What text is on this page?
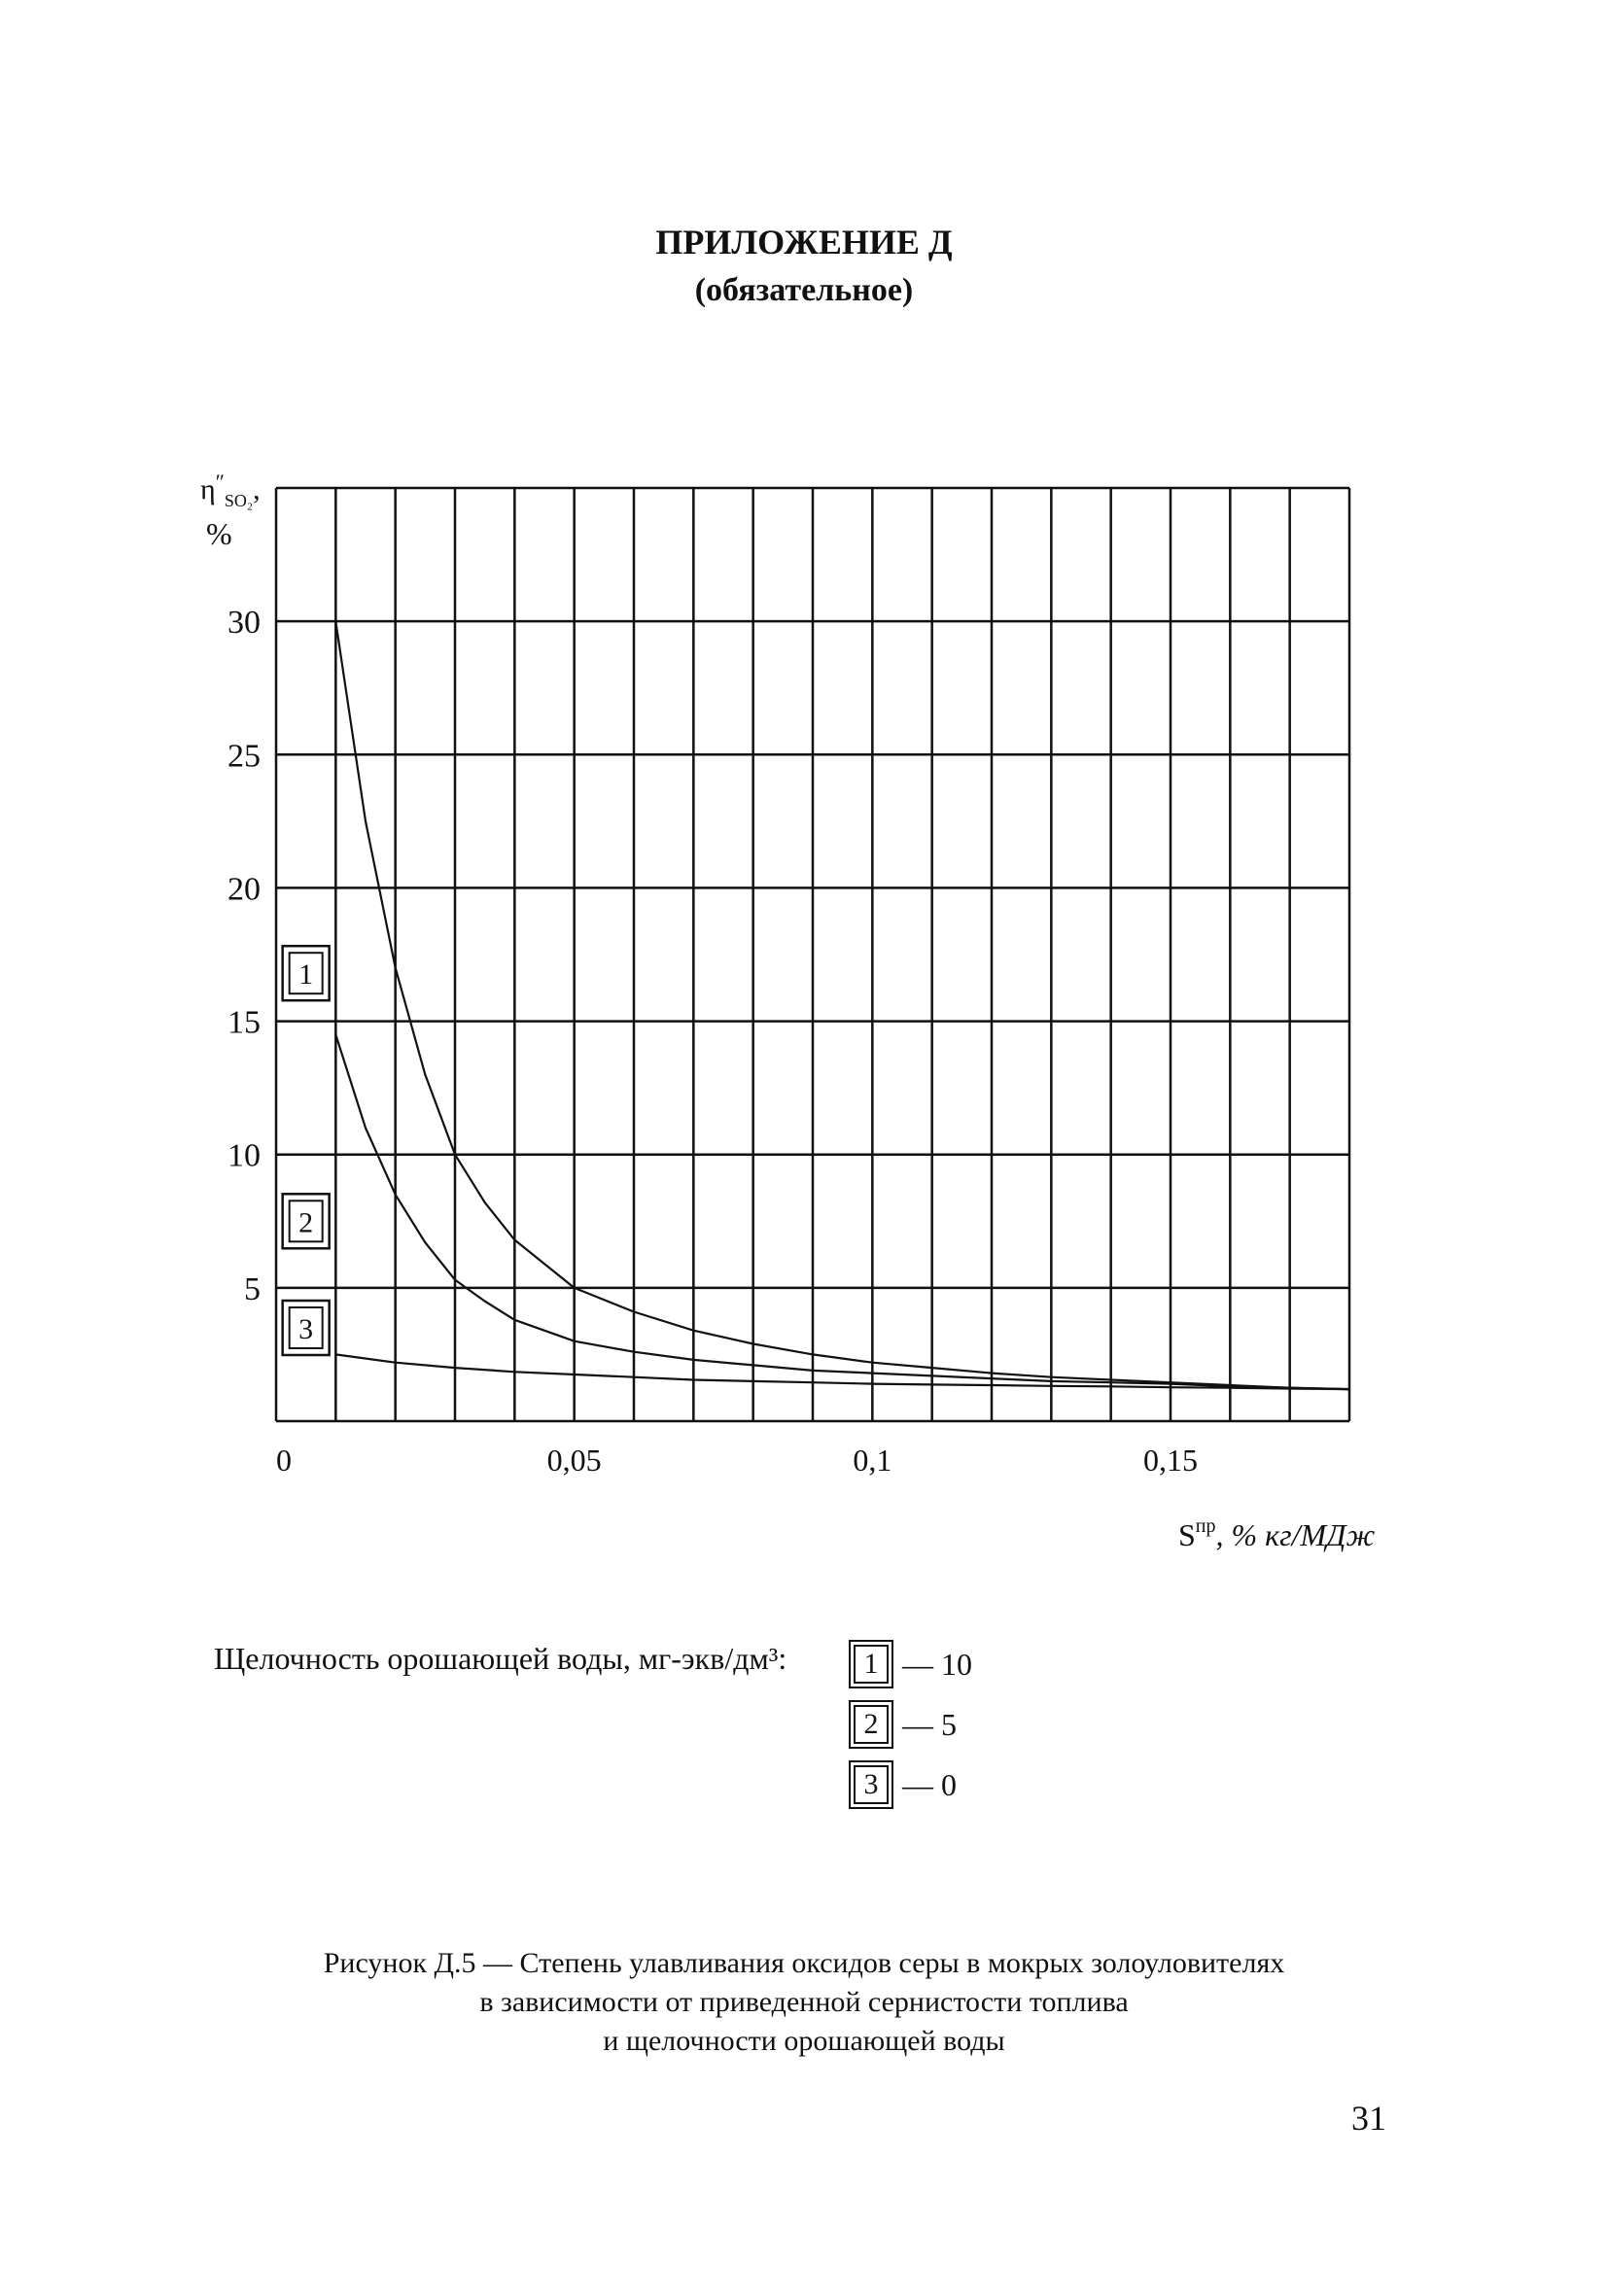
ПРИЛОЖЕНИЕ Д
(обязательное)
1
2
3
5
10
15
20
25
30
0	0,05	0,1	0,15
$\eta''_{SO_2}$,
%
$S^{пр}$, % кг/МДж
Щелочность орошающей воды, мг-экв/дм³:	1 — 10
2 — 5
3 — 0
Рисунок Д.5 — Степень улавливания оксидов серы в мокрых золоуловителях
в зависимости от приведенной сернистости топлива
и щелочности орошающей воды
31
